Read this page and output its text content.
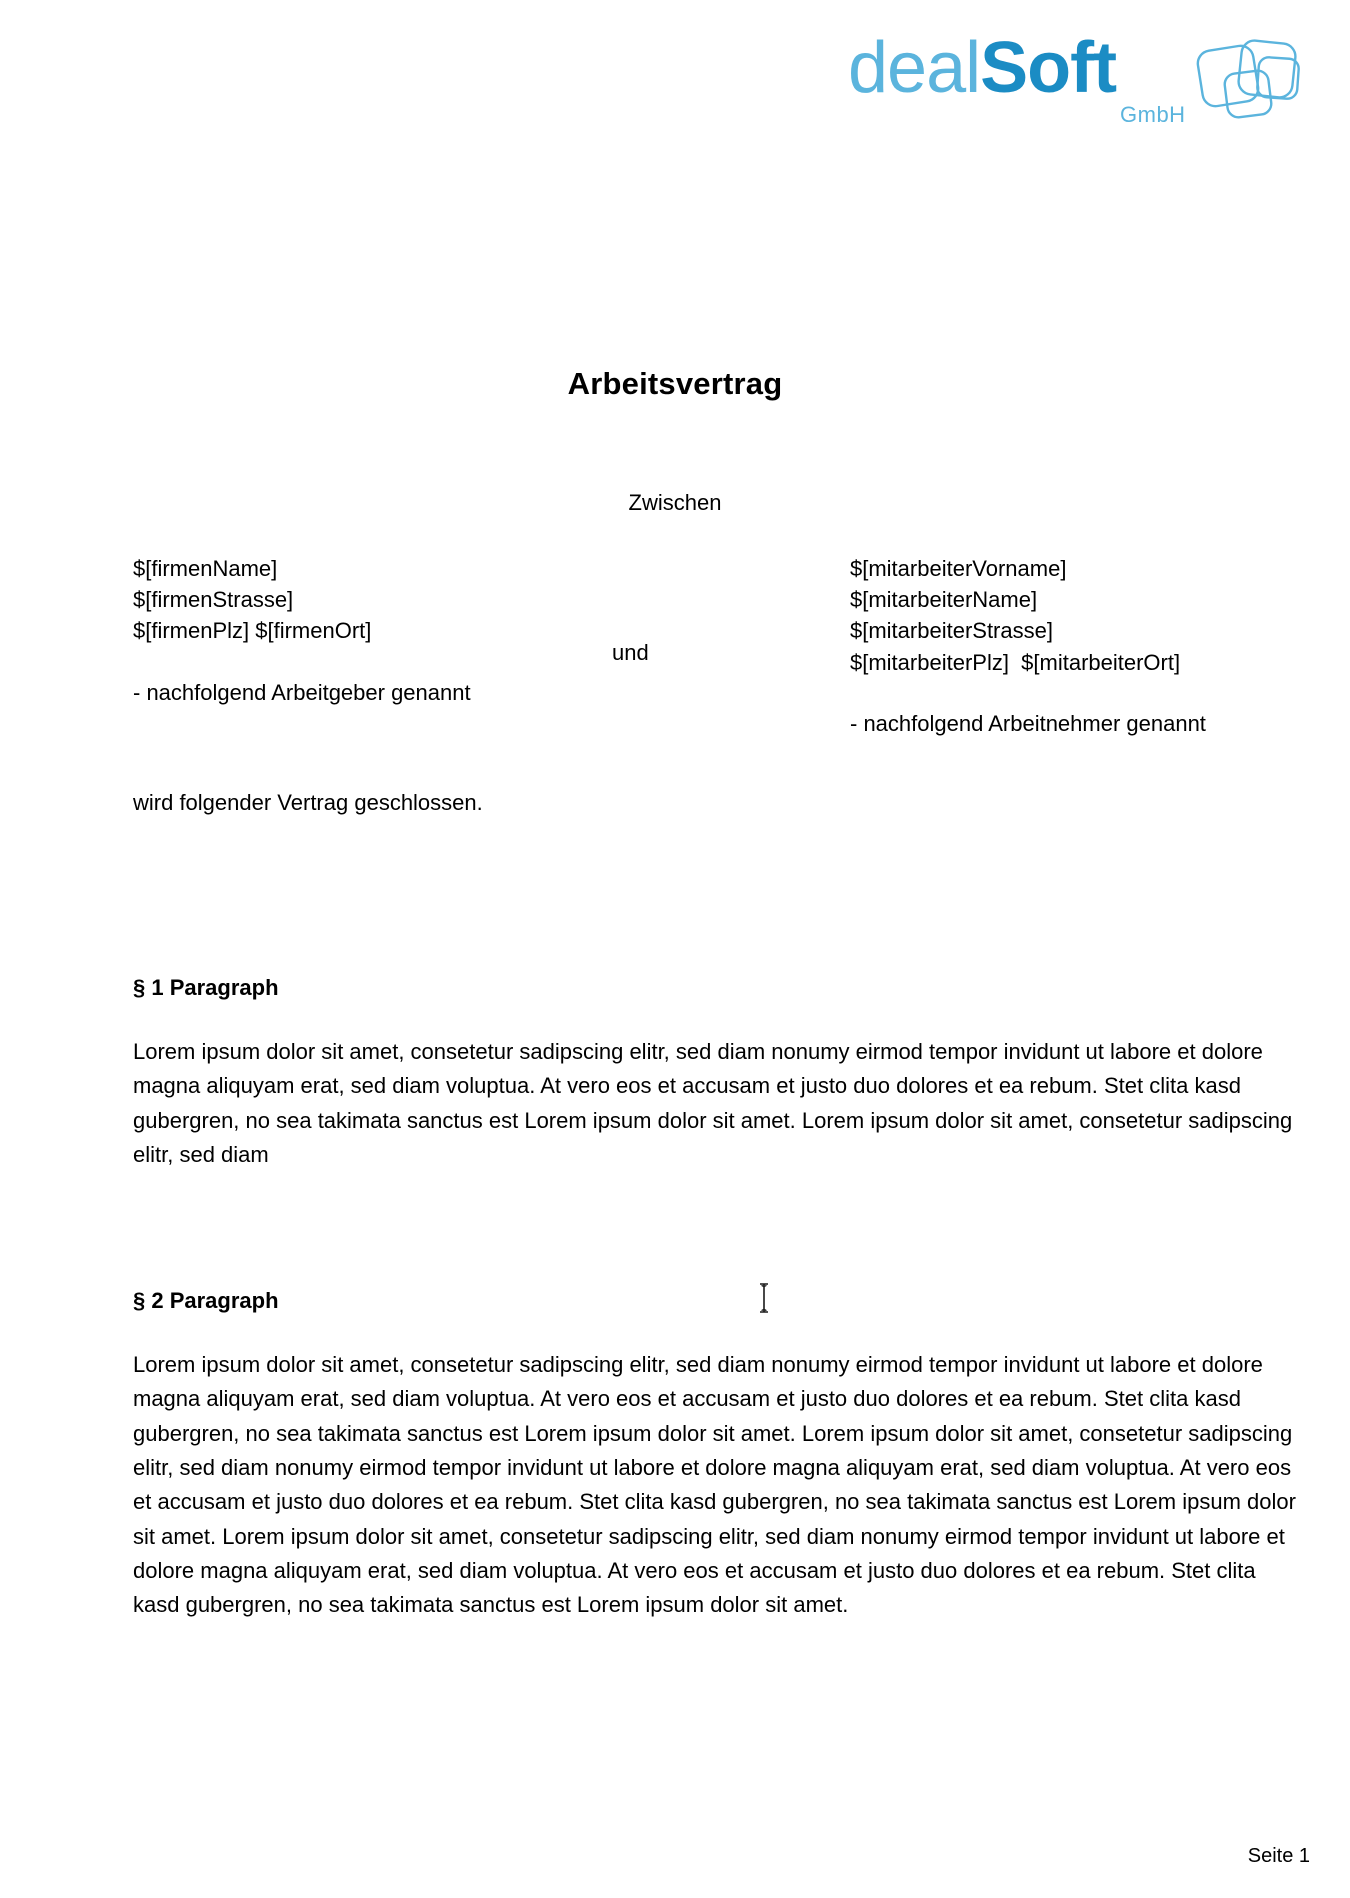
dealSoft
GmbH
Arbeitsvertrag
Zwischen
$[firmenName]
$[firmenStrasse]
$[firmenPlz] $[firmenOrt]
- nachfolgend Arbeitgeber genannt
und
$[mitarbeiterVorname]
$[mitarbeiterName]
$[mitarbeiterStrasse]
$[mitarbeiterPlz]  $[mitarbeiterOrt]
- nachfolgend Arbeitnehmer genannt
wird folgender Vertrag geschlossen.
§ 1 Paragraph

Lorem ipsum dolor sit amet, consetetur sadipscing elitr, sed diam nonumy eirmod tempor invidunt ut labore et dolore magna aliquyam erat, sed diam voluptua. At vero eos et accusam et justo duo dolores et ea rebum. Stet clita kasd gubergren, no sea takimata sanctus est Lorem ipsum dolor sit amet. Lorem ipsum dolor sit amet, consetetur sadipscing elitr, sed diam

§ 2 Paragraph

Lorem ipsum dolor sit amet, consetetur sadipscing elitr, sed diam nonumy eirmod tempor invidunt ut labore et dolore magna aliquyam erat, sed diam voluptua. At vero eos et accusam et justo duo dolores et ea rebum. Stet clita kasd gubergren, no sea takimata sanctus est Lorem ipsum dolor sit amet. Lorem ipsum dolor sit amet, consetetur sadipscing elitr, sed diam nonumy eirmod tempor invidunt ut labore et dolore magna aliquyam erat, sed diam voluptua. At vero eos et accusam et justo duo dolores et ea rebum. Stet clita kasd gubergren, no sea takimata sanctus est Lorem ipsum dolor sit amet. Lorem ipsum dolor sit amet, consetetur sadipscing elitr, sed diam nonumy eirmod tempor invidunt ut labore et dolore magna aliquyam erat, sed diam voluptua. At vero eos et accusam et justo duo dolores et ea rebum. Stet clita kasd gubergren, no sea takimata sanctus est Lorem ipsum dolor sit amet.

Seite 1
